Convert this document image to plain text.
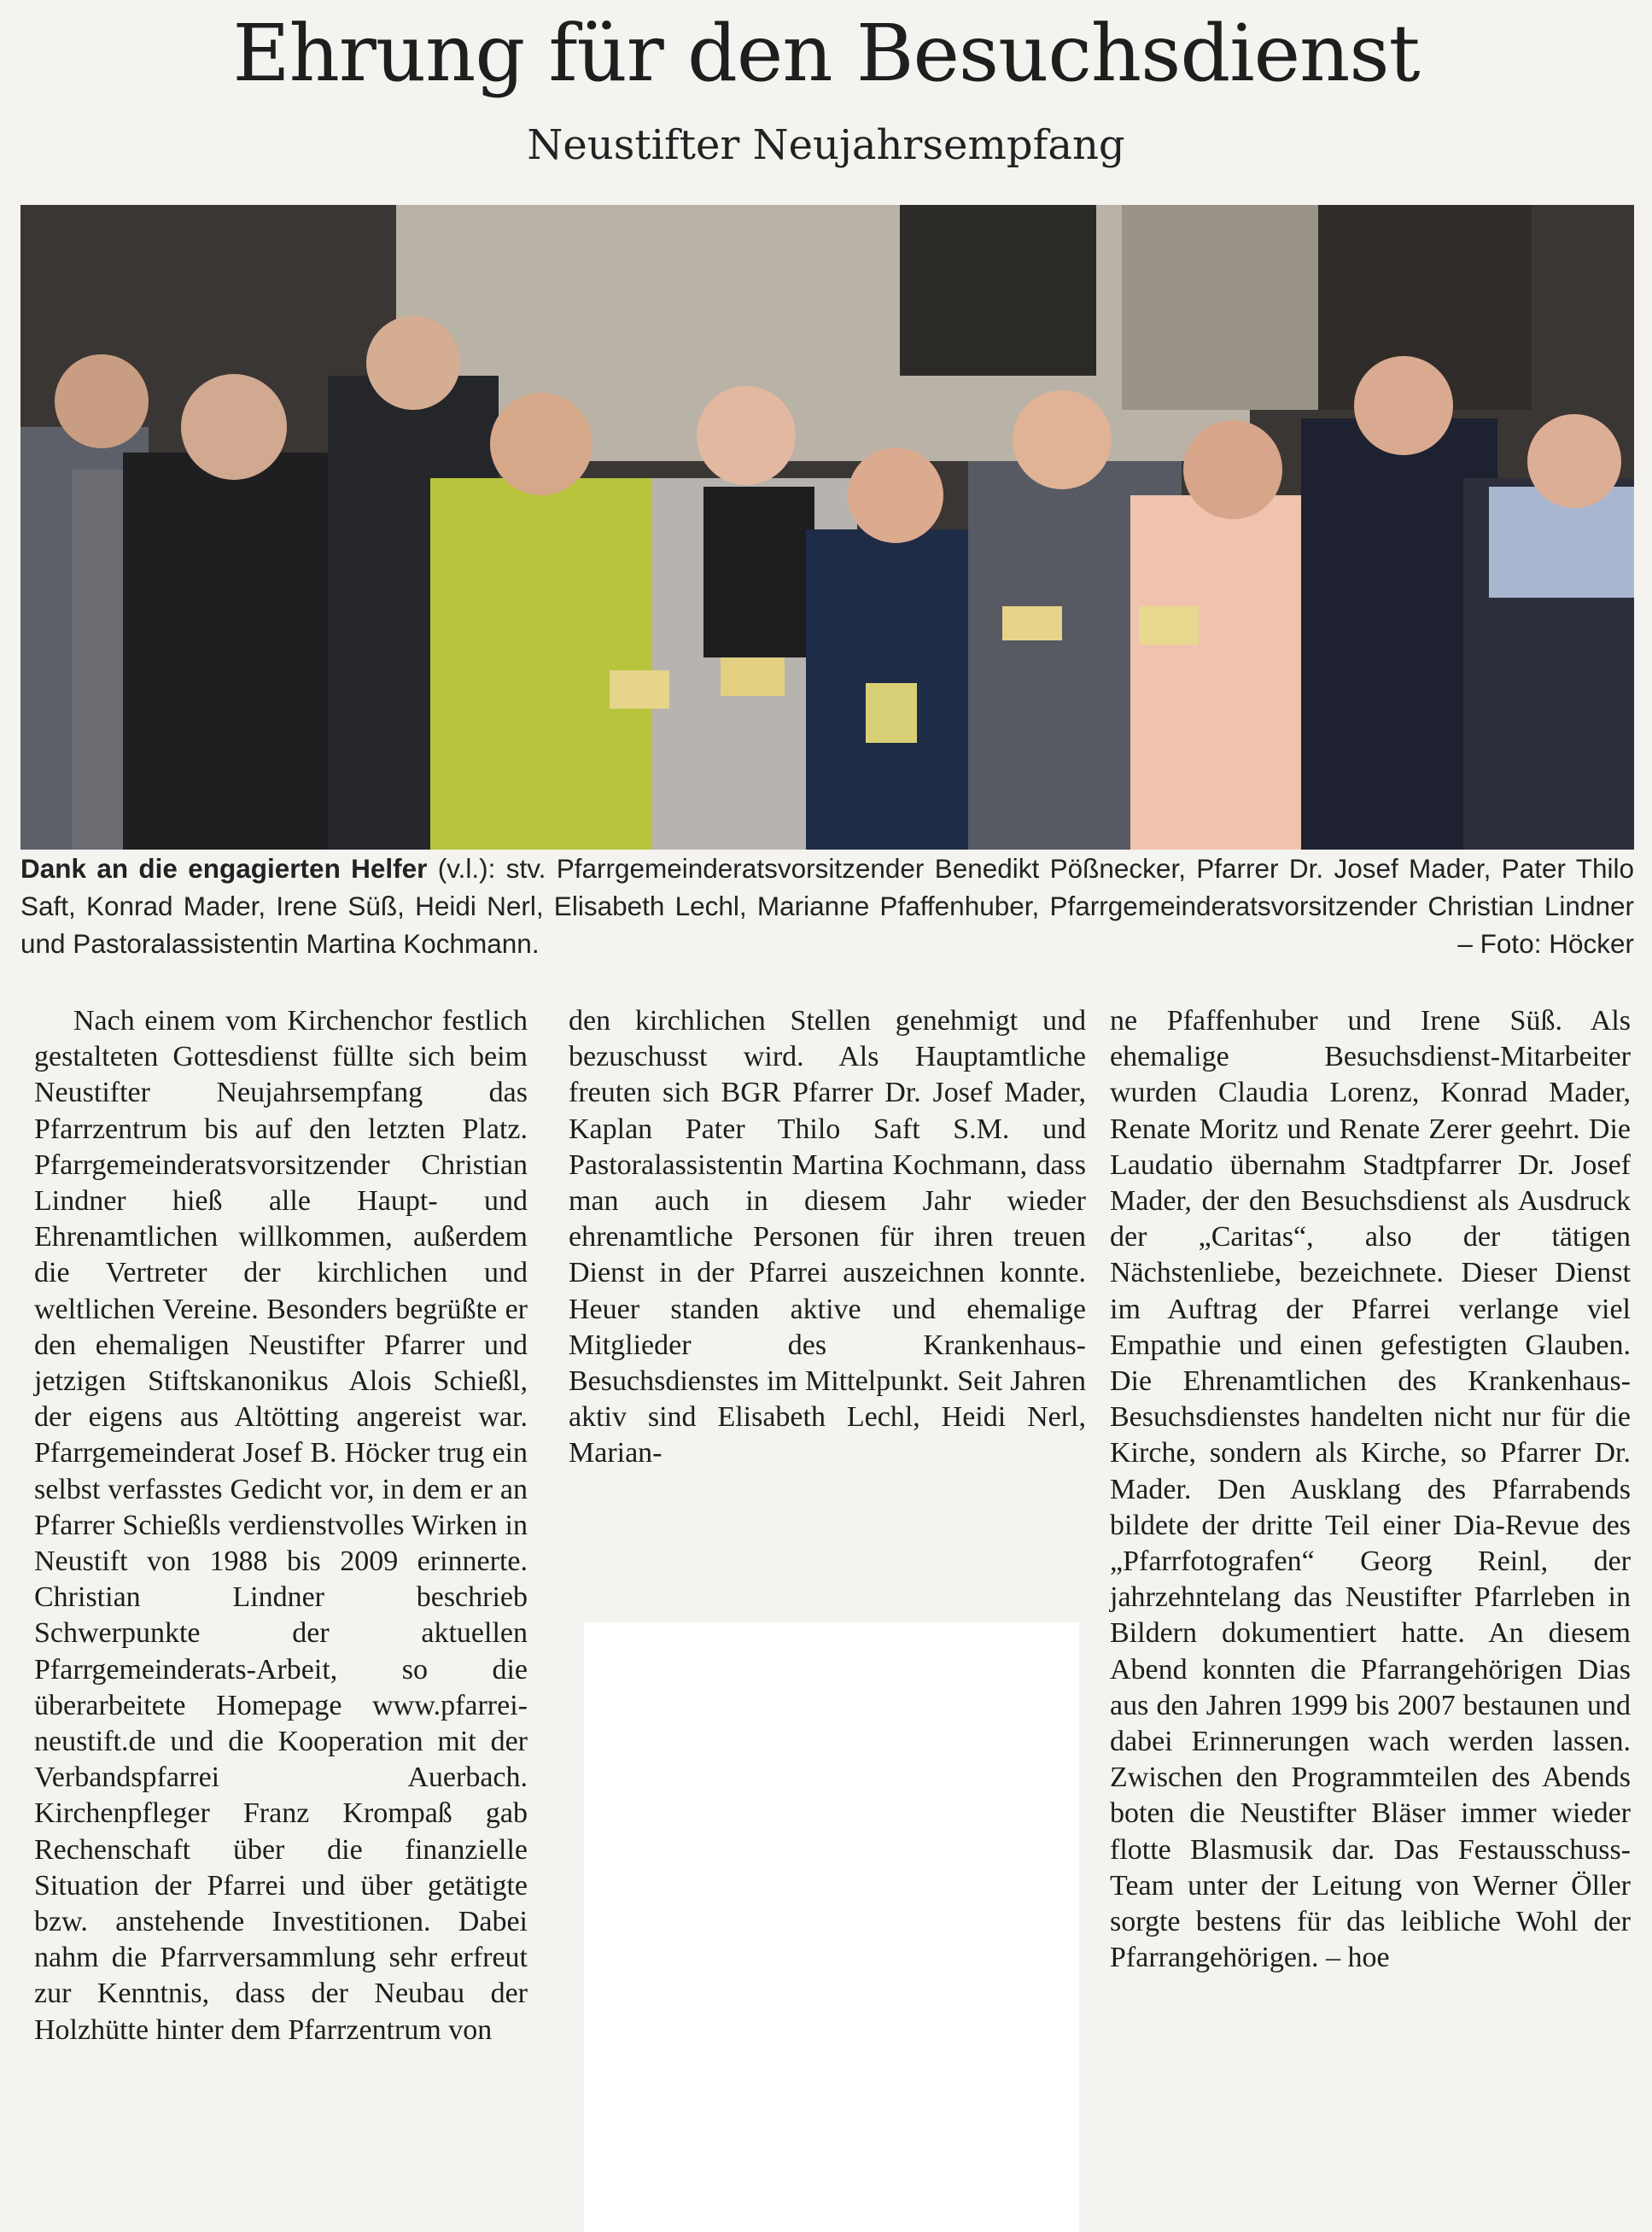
Ehrung für den Besuchsdienst
Neustifter Neujahrsempfang
Dank an die engagierten Helfer (v.l.): stv. Pfarrgemeinderatsvorsitzender Benedikt Pößnecker, Pfarrer Dr. Josef Mader, Pater Thilo Saft, Konrad Mader, Irene Süß, Heidi Nerl, Elisabeth Lechl, Marianne Pfaffenhuber, Pfarrgemeinderatsvorsitzender Christian Lindner und Pastoralassistentin Martina Kochmann.	– Foto: Höcker

Nach einem vom Kirchenchor festlich gestalteten Gottesdienst füllte sich beim Neustifter Neujahrsempfang das Pfarrzentrum bis auf den letzten Platz. Pfarrgemeinderatsvorsitzender Christian Lindner hieß alle Haupt- und Ehrenamtlichen willkommen, außerdem die Vertreter der kirchlichen und weltlichen Vereine. Besonders begrüßte er den ehemaligen Neustifter Pfarrer und jetzigen Stiftskanonikus Alois Schießl, der eigens aus Altötting angereist war. Pfarrgemeinderat Josef B. Höcker trug ein selbst verfasstes Gedicht vor, in dem er an Pfarrer Schießls verdienstvolles Wirken in Neustift von 1988 bis 2009 erinnerte. Christian Lindner beschrieb Schwerpunkte der aktuellen Pfarrgemeinderats-Arbeit, so die überarbeitete Homepage www.pfarrei-neustift.de und die Kooperation mit der Verbandspfarrei Auerbach. Kirchenpfleger Franz Krompaß gab Rechenschaft über die finanzielle Situation der Pfarrei und über getätigte bzw. anstehende Investitionen. Dabei nahm die Pfarrversammlung sehr erfreut zur Kenntnis, dass der Neubau der Holzhütte hinter dem Pfarrzentrum von

den kirchlichen Stellen genehmigt und bezuschusst wird. Als Hauptamtliche freuten sich BGR Pfarrer Dr. Josef Mader, Kaplan Pater Thilo Saft S.M. und Pastoralassistentin Martina Kochmann, dass man auch in diesem Jahr wieder ehrenamtliche Personen für ihren treuen Dienst in der Pfarrei auszeichnen konnte. Heuer standen aktive und ehemalige Mitglieder des Krankenhaus-Besuchsdienstes im Mittelpunkt. Seit Jahren aktiv sind Elisabeth Lechl, Heidi Nerl, Marian-

ne Pfaffenhuber und Irene Süß. Als ehemalige Besuchsdienst-Mitarbeiter wurden Claudia Lorenz, Konrad Mader, Renate Moritz und Renate Zerer geehrt. Die Laudatio übernahm Stadtpfarrer Dr. Josef Mader, der den Besuchsdienst als Ausdruck der „Caritas“, also der tätigen Nächstenliebe, bezeichnete. Dieser Dienst im Auftrag der Pfarrei verlange viel Empathie und einen gefestigten Glauben. Die Ehrenamtlichen des Krankenhaus-Besuchsdienstes handelten nicht nur für die Kirche, sondern als Kirche, so Pfarrer Dr. Mader. Den Ausklang des Pfarrabends bildete der dritte Teil einer Dia-Revue des „Pfarrfotografen“ Georg Reinl, der jahrzehntelang das Neustifter Pfarrleben in Bildern dokumentiert hatte. An diesem Abend konnten die Pfarrangehörigen Dias aus den Jahren 1999 bis 2007 bestaunen und dabei Erinnerungen wach werden lassen. Zwischen den Programmteilen des Abends boten die Neustifter Bläser immer wieder flotte Blasmusik dar. Das Festausschuss-Team unter der Leitung von Werner Öller sorgte bestens für das leibliche Wohl der Pfarrangehörigen. – hoe
